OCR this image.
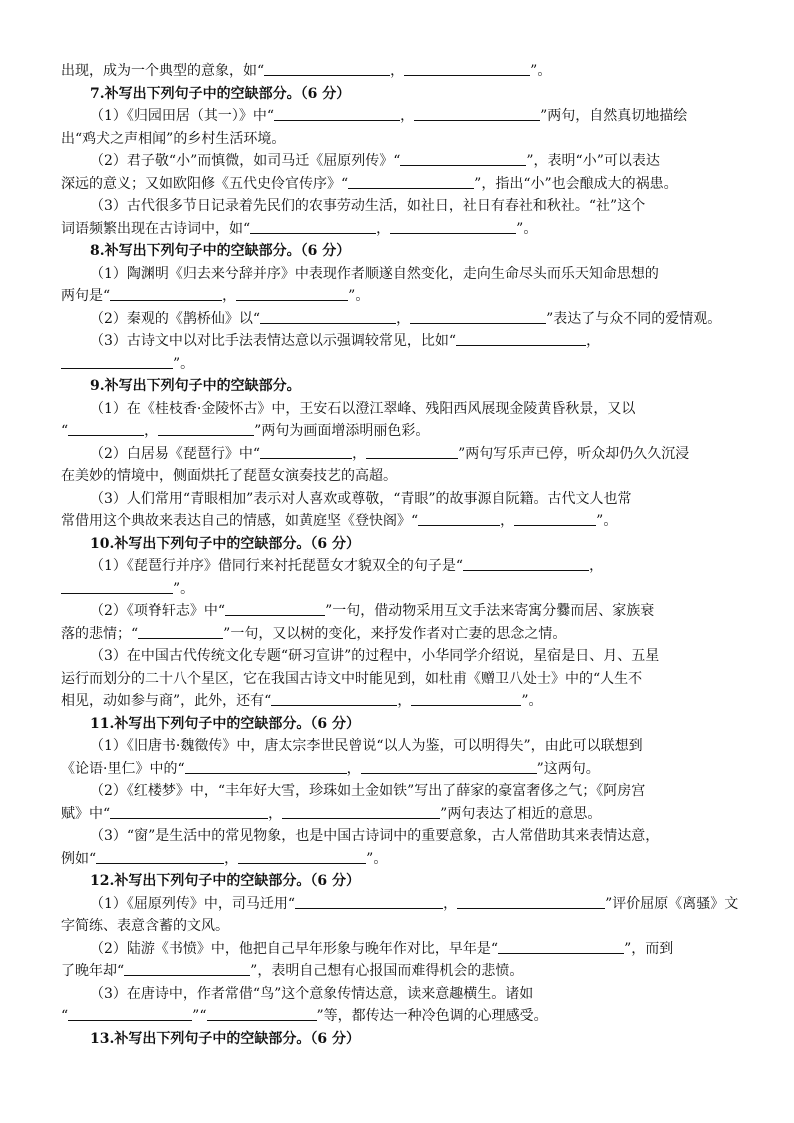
出现，成为一个典型的意象，如“	，	”。
7.补写出下列句子中的空缺部分。（6 分）
（1）《归园田居（其一）》中“	，	”两句，自然真切地描绘
出“鸡犬之声相闻”的乡村生活环境。
（2）君子敬“小”而慎微，如司马迁《屈原列传》“	”，表明“小”可以表达
深远的意义；又如欧阳修《五代史伶官传序》“	”，指出“小”也会酿成大的祸患。
（3）古代很多节日记录着先民们的农事劳动生活，如社日，社日有春社和秋社。“社”这个
词语频繁出现在古诗词中，如“	，	”。
8.补写出下列句子中的空缺部分。（6 分）
（1）陶渊明《归去来兮辞并序》中表现作者顺遂自然变化，走向生命尽头而乐天知命思想的
两句是“	，	”。
（2）秦观的《鹊桥仙》以“	，	”表达了与众不同的爱情观。
（3）古诗文中以对比手法表情达意以示强调较常见，比如“	，
”。
9.补写出下列句子中的空缺部分。
（1）在《桂枝香·金陵怀古》中，王安石以澄江翠峰、残阳西风展现金陵黄昏秋景，又以
“	，	”两句为画面增添明丽色彩。
（2）白居易《琵琶行》中“	，	”两句写乐声已停，听众却仍久久沉浸
在美妙的情境中，侧面烘托了琵琶女演奏技艺的高超。
（3）人们常用“青眼相加”表示对人喜欢或尊敬，“青眼”的故事源自阮籍。古代文人也常
常借用这个典故来表达自己的情感，如黄庭坚《登快阁》“	，	”。
10.补写出下列句子中的空缺部分。（6 分）
（1）《琵琶行并序》借同行来衬托琵琶女才貌双全的句子是“	，
”。
（2）《项脊轩志》中“	”一句，借动物采用互文手法来寄寓分爨而居、家族衰
落的悲情；“	”一句，又以树的变化，来抒发作者对亡妻的思念之情。
（3）在中国古代传统文化专题“研习宣讲”的过程中，小华同学介绍说，星宿是日、月、五星
运行而划分的二十八个星区，它在我国古诗文中时能见到，如杜甫《赠卫八处士》中的“人生不
相见，动如参与商”，此外，还有“	，	”。
11.补写出下列句子中的空缺部分。（6 分）
（1）《旧唐书·魏徵传》中，唐太宗李世民曾说“以人为鉴，可以明得失”，由此可以联想到
《论语·里仁》中的“	，	”这两句。
（2）《红楼梦》中，“丰年好大雪，珍珠如土金如铁”写出了薛家的豪富奢侈之气；《阿房宫
赋》中“	，	”两句表达了相近的意思。
（3）“窗”是生活中的常见物象，也是中国古诗词中的重要意象，古人常借助其来表情达意，
例如“	，	”。
12.补写出下列句子中的空缺部分。（6 分）
（1）《屈原列传》中，司马迁用“	，	”评价屈原《离骚》文
字简练、表意含蓄的文风。
（2）陆游《书愤》中，他把自己早年形象与晚年作对比，早年是“	”，而到
了晚年却“	”，表明自己想有心报国而难得机会的悲愤。
（3）在唐诗中，作者常借“鸟”这个意象传情达意，读来意趣横生。诸如
“	”“	”等，都传达一种冷色调的心理感受。
13.补写出下列句子中的空缺部分。（6 分）
